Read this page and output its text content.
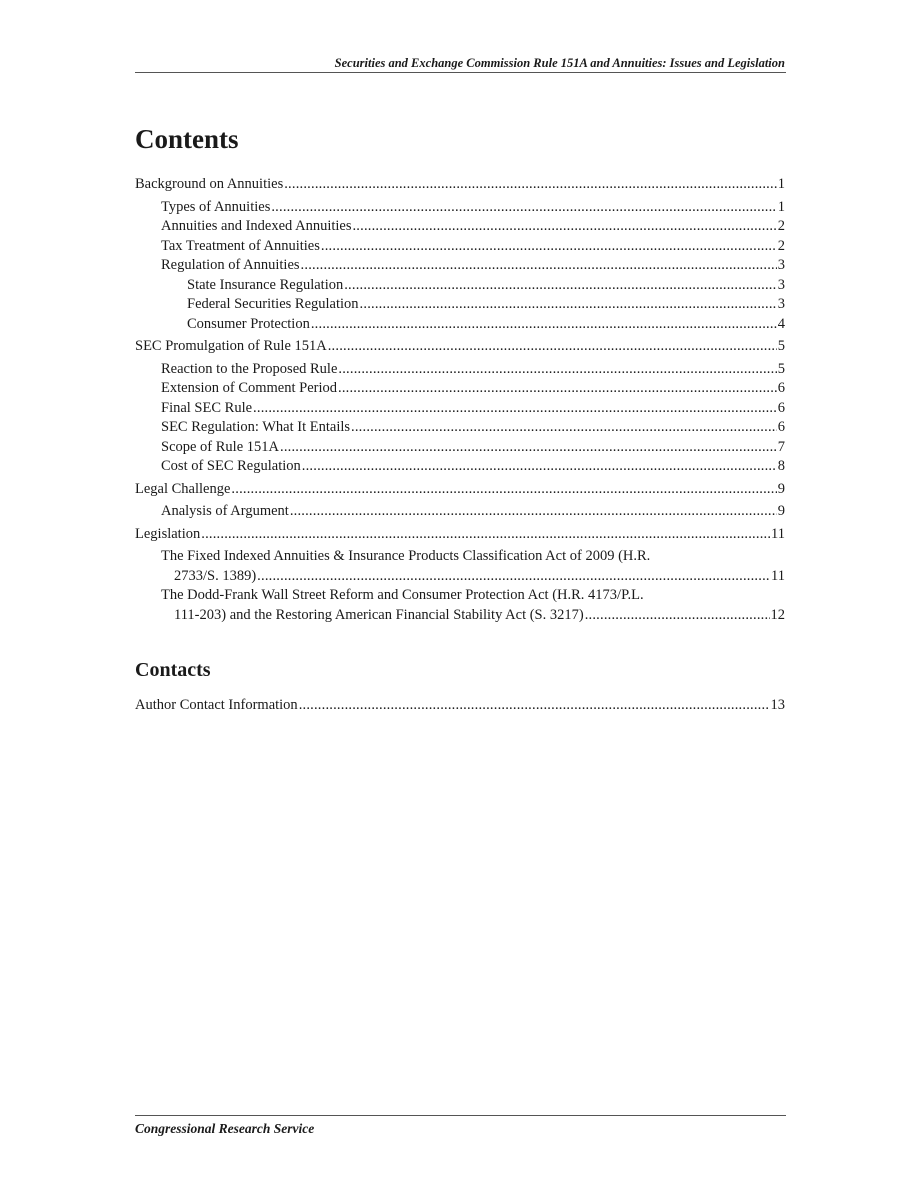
Securities and Exchange Commission Rule 151A and Annuities: Issues and Legislation
Contents
Background on Annuities .....	1
Types of Annuities .....	1
Annuities and Indexed Annuities .....	2
Tax Treatment of Annuities .....	2
Regulation of Annuities .....	3
State Insurance Regulation .....	3
Federal Securities Regulation .....	3
Consumer Protection .....	4
SEC Promulgation of Rule 151A .....	5
Reaction to the Proposed Rule .....	5
Extension of Comment Period .....	6
Final SEC Rule .....	6
SEC Regulation: What It Entails .....	6
Scope of Rule 151A .....	7
Cost of SEC Regulation .....	8
Legal Challenge .....	9
Analysis of Argument .....	9
Legislation .....	11
The Fixed Indexed Annuities & Insurance Products Classification Act of 2009 (H.R.
2733/S. 1389) .....	11
The Dodd-Frank Wall Street Reform and Consumer Protection Act (H.R. 4173/P.L.
111-203) and the Restoring American Financial Stability Act (S. 3217) .....	12
Contacts
Author Contact Information .....	13
Congressional Research Service
